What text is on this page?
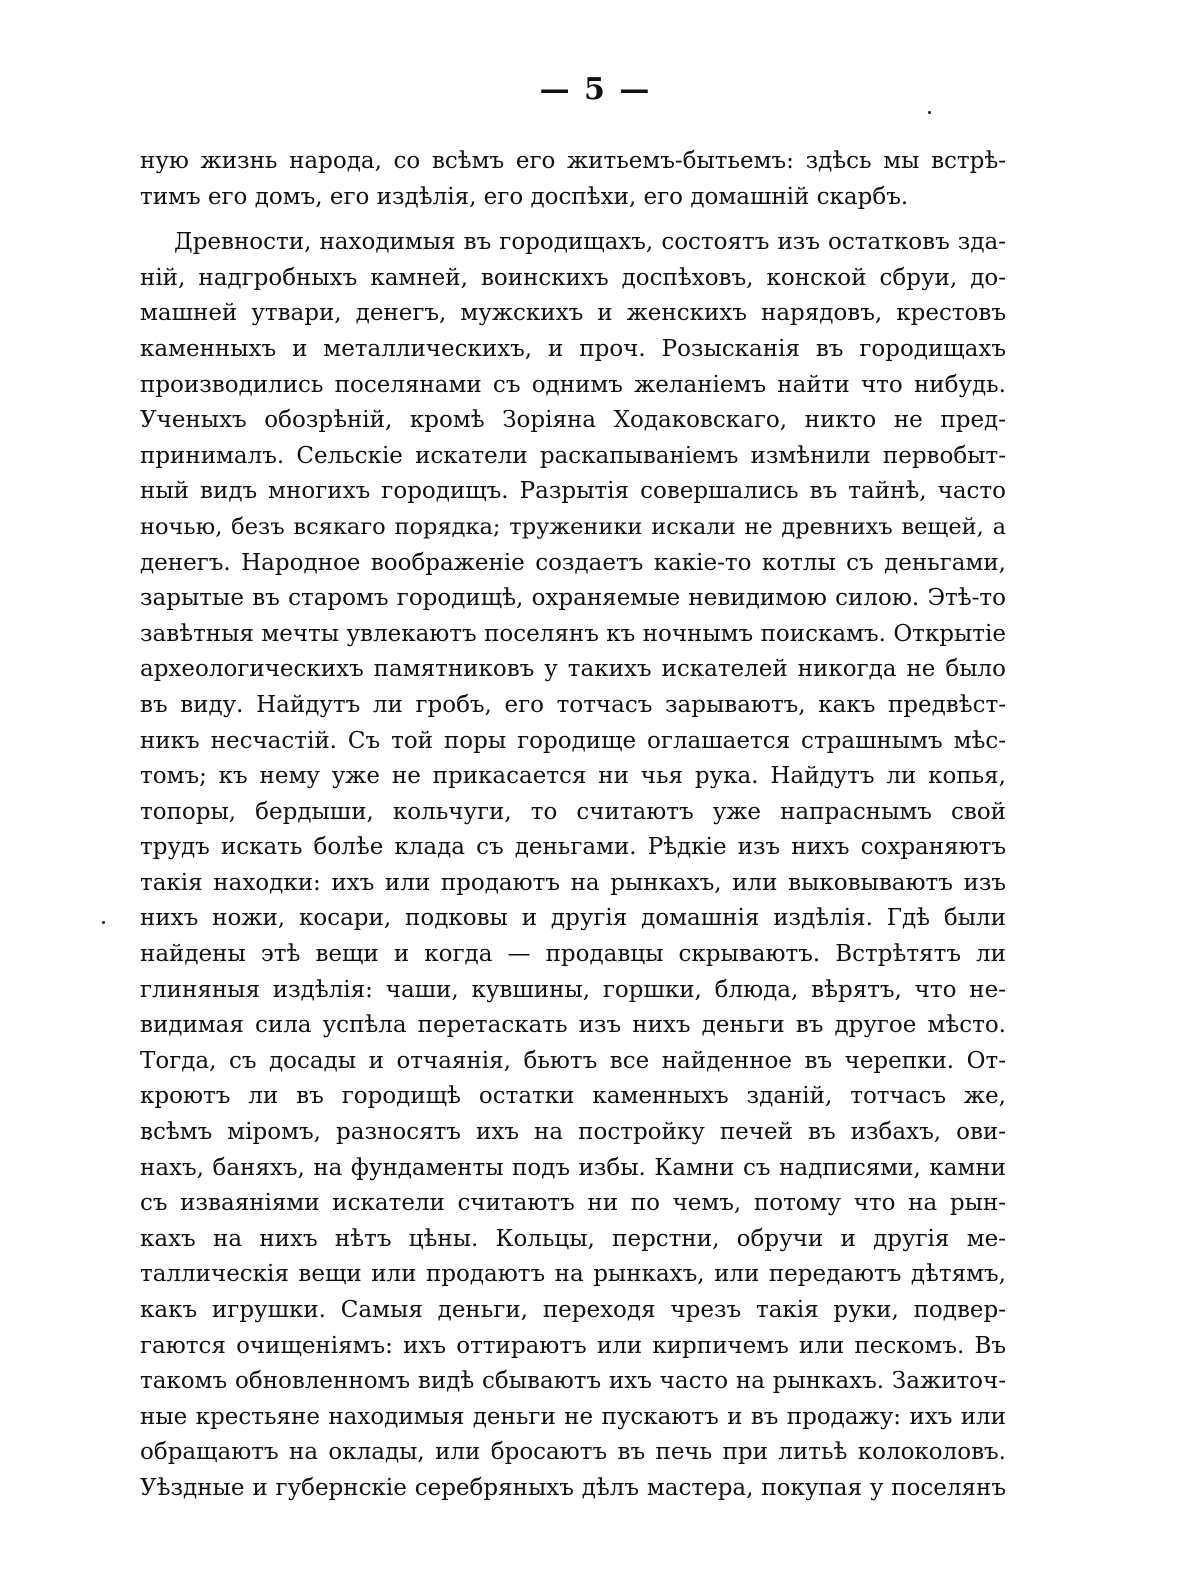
— 5 —
ную жизнь народа, со всѣмъ его житьемъ-бытьемъ: здѣсь мы встрѣ-
тимъ его домъ, его издѣлія, его доспѣхи, его домашній скарбъ.
Древности, находимыя въ городищахъ, состоятъ изъ остатковъ зда-
ній, надгробныхъ камней, воинскихъ доспѣховъ, конской сбруи, до-
машней утвари, денегъ, мужскихъ и женскихъ нарядовъ, крестовъ
каменныхъ и металлическихъ, и проч. Розысканія въ городищахъ
производились поселянами съ однимъ желаніемъ найти что нибудь.
Ученыхъ обозрѣній, кромѣ Зоріяна Ходаковскаго, никто не пред-
принималъ. Сельскіе искатели раскапываніемъ измѣнили первобыт-
ный видъ многихъ городищъ. Разрытія совершались въ тайнѣ, часто
ночью, безъ всякаго порядка; труженики искали не древнихъ вещей, а
денегъ. Народное воображеніе создаетъ какіе-то котлы съ деньгами,
зарытые въ старомъ городищѣ, охраняемые невидимою силою. Этѣ-то
завѣтныя мечты увлекаютъ поселянъ къ ночнымъ поискамъ. Открытіе
археологическихъ памятниковъ у такихъ искателей никогда не было
въ виду. Найдутъ ли гробъ, его тотчасъ зарываютъ, какъ предвѣст-
никъ несчастій. Съ той поры городище оглашается страшнымъ мѣс-
томъ; къ нему уже не прикасается ни чья рука. Найдутъ ли копья,
топоры, бердыши, кольчуги, то считаютъ уже напраснымъ свой
трудъ искать болѣе клада съ деньгами. Рѣдкіе изъ нихъ сохраняютъ
такія находки: ихъ или продаютъ на рынкахъ, или выковываютъ изъ
нихъ ножи, косари, подковы и другія домашнія издѣлія. Гдѣ были
найдены этѣ вещи и когда — продавцы скрываютъ. Встрѣтятъ ли
глиняныя издѣлія: чаши, кувшины, горшки, блюда, вѣрятъ, что не-
видимая сила успѣла перетаскать изъ нихъ деньги въ другое мѣсто.
Тогда, съ досады и отчаянія, бьютъ все найденное въ черепки. От-
кроютъ ли въ городищѣ остатки каменныхъ зданій, тотчасъ же,
всѣмъ міромъ, разносятъ ихъ на постройку печей въ избахъ, ови-
нахъ, баняхъ, на фундаменты подъ избы. Камни съ надписями, камни
съ изваяніями искатели считаютъ ни по чемъ, потому что на рын-
кахъ на нихъ нѣтъ цѣны. Кольцы, перстни, обручи и другія ме-
таллическія вещи или продаютъ на рынкахъ, или передаютъ дѣтямъ,
какъ игрушки. Самыя деньги, переходя чрезъ такія руки, подвер-
гаются очищеніямъ: ихъ оттираютъ или кирпичемъ или пескомъ. Въ
такомъ обновленномъ видѣ сбываютъ ихъ часто на рынкахъ. Зажиточ-
ные крестьяне находимыя деньги не пускаютъ и въ продажу: ихъ или
обращаютъ на оклады, или бросаютъ въ печь при литьѣ колоколовъ.
Уѣздные и губернскіе серебряныхъ дѣлъ мастера, покупая у поселянъ
